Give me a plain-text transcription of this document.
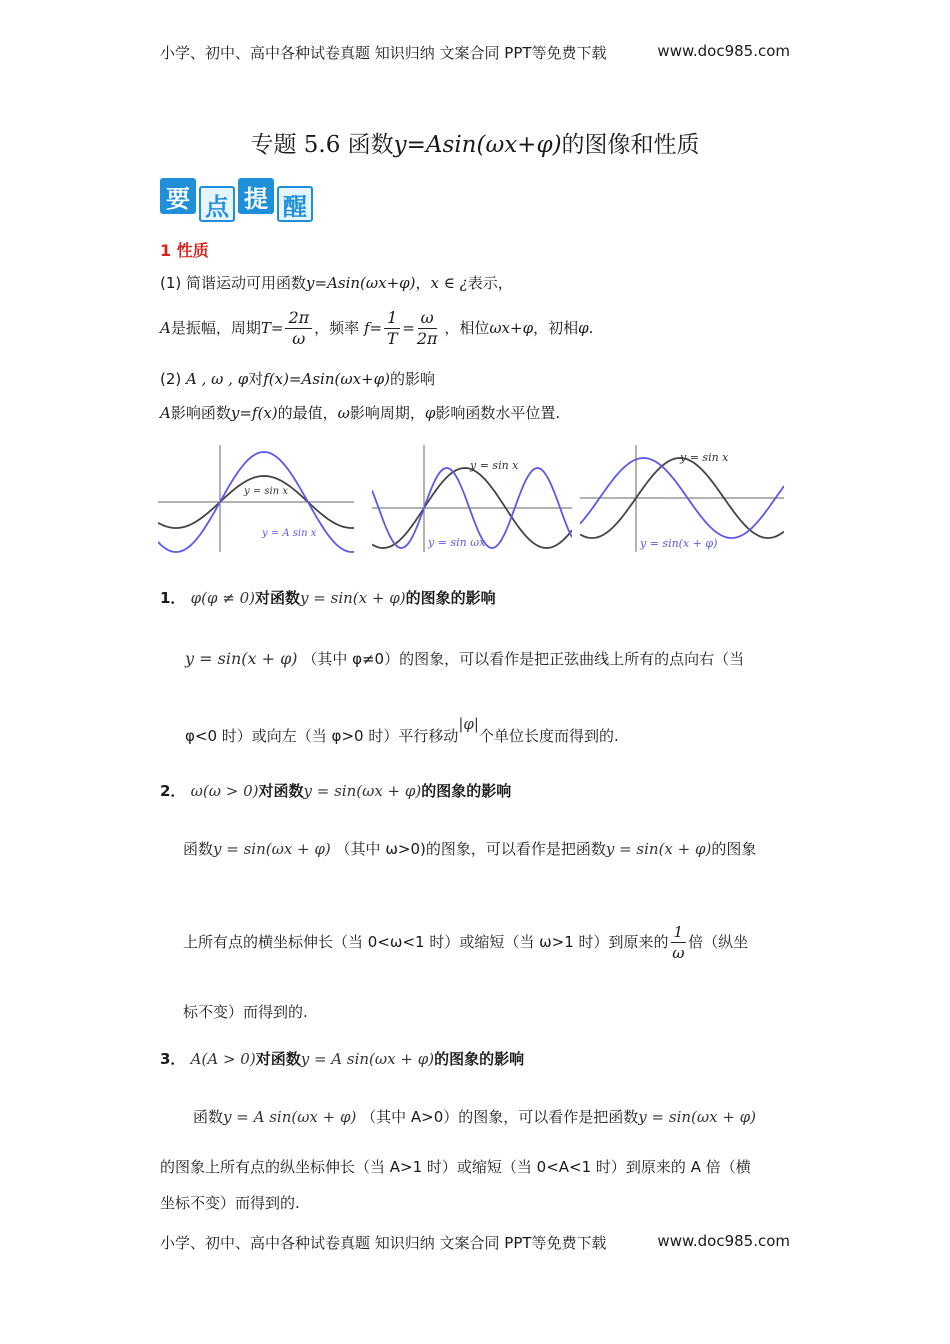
小学、初中、高中各种试卷真题 知识归纳 文案合同 PPT等免费下载	www.doc985.com
专题 5.6 函数y=Asin(ωx+φ)的图像和性质
要 点 提 醒
1 性质
(1) 简谐运动可用函数y=Asin(ωx+φ)，x ∈ ¿表示，
A是振幅，周期$T= \frac{2\pi}{\omega}$ ，频率 $f= \frac{1}{T} = \frac{\omega}{2\pi}$ ，相位ωx+φ，初相φ.
(2) A , ω , φ对f(x)=Asin(ωx+φ)的影响
A影响函数y=f(x)的最值，ω影响周期，φ影响函数水平位置.
y = sin x
y = A sin x
y = sin x
y = sin ωx
y = sin x
y = sin(x + φ)
1． φ(φ ≠ 0)对函数y = sin(x + φ)的图象的影响
y = sin(x + φ) （其中 φ≠0）的图象，可以看作是把正弦曲线上所有的点向右（当
φ<0 时）或向左（当 φ>0 时）平行移动|φ|个单位长度而得到的.
2． ω(ω > 0)对函数y = sin(ωx + φ)的图象的影响
函数y = sin(ωx + φ) （其中 ω>0)的图象，可以看作是把函数y = sin(x + φ)的图象
上所有点的横坐标伸长（当 0<ω<1 时）或缩短（当 ω>1 时）到原来的 $\frac{1}{\omega}$ 倍（纵坐
标不变）而得到的.
3． A(A > 0)对函数y = A sin(ωx + φ)的图象的影响
函数y = A sin(ωx + φ) （其中 A>0）的图象，可以看作是把函数y = sin(ωx + φ)
的图象上所有点的纵坐标伸长（当 A>1 时）或缩短（当 0<A<1 时）到原来的 A 倍（横
坐标不变）而得到的.
小学、初中、高中各种试卷真题 知识归纳 文案合同 PPT等免费下载	www.doc985.com
